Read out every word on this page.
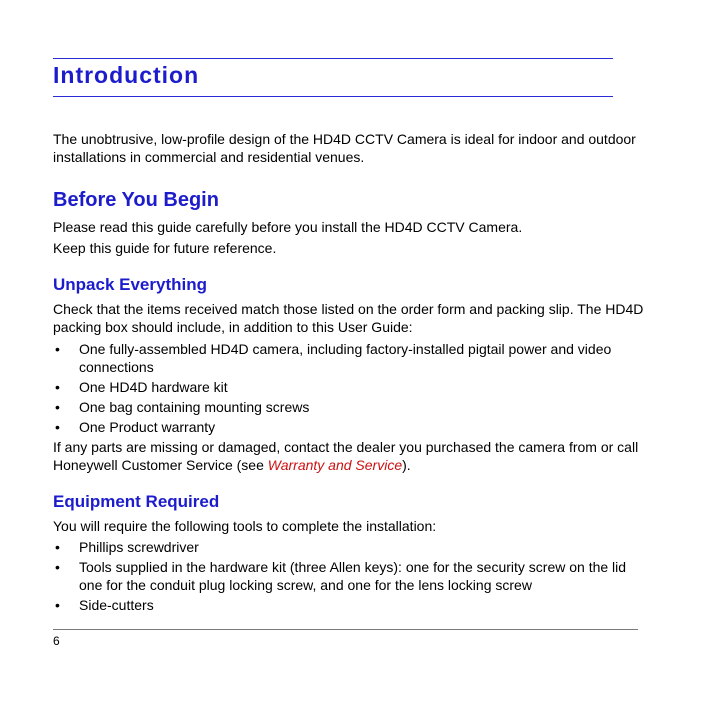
Introduction

The unobtrusive, low-profile design of the HD4D CCTV Camera is ideal for indoor and outdoor installations in commercial and residential venues.

Before You Begin

Please read this guide carefully before you install the HD4D CCTV Camera.

Keep this guide for future reference.

Unpack Everything

Check that the items received match those listed on the order form and packing slip. The HD4D packing box should include, in addition to this User Guide:

• One fully-assembled HD4D camera, including factory-installed pigtail power and video connections
• One HD4D hardware kit
• One bag containing mounting screws
• One Product warranty

If any parts are missing or damaged, contact the dealer you purchased the camera from or call Honeywell Customer Service (see Warranty and Service).

Equipment Required

You will require the following tools to complete the installation:

• Phillips screwdriver
• Tools supplied in the hardware kit (three Allen keys): one for the security screw on the lid one for the conduit plug locking screw, and one for the lens locking screw
• Side-cutters
6
